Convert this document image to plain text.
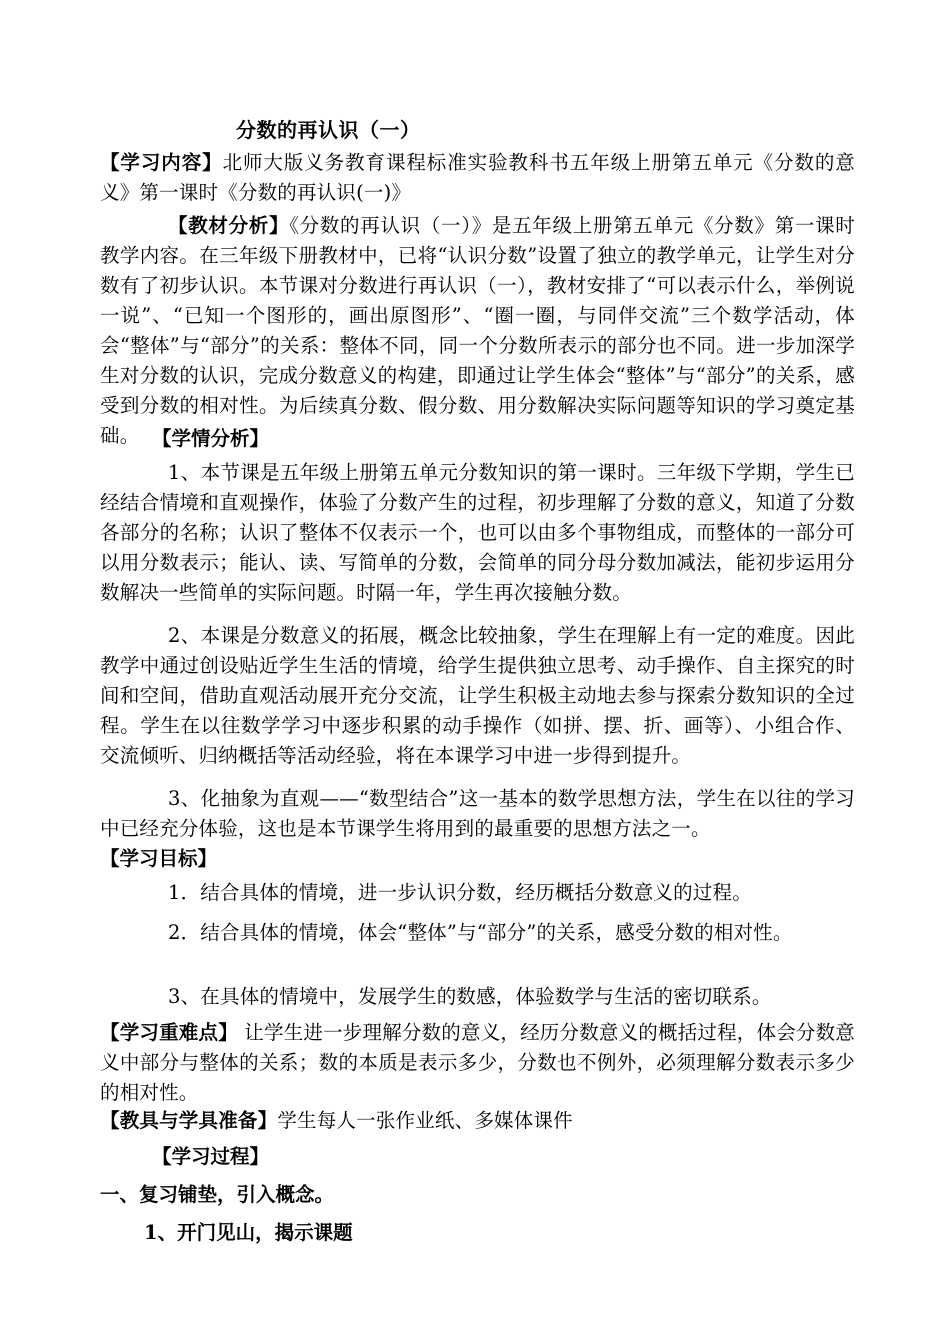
分数的再认识（一）
【学习内容】北师大版义务教育课程标准实验教科书五年级上册第五单元《分数的意义》第一课时《分数的再认识(一)》
【教材分析】《分数的再认识（一）》是五年级上册第五单元《分数》第一课时教学内容。在三年级下册教材中，已将“认识分数”设置了独立的教学单元，让学生对分数有了初步认识。本节课对分数进行再认识（一），教材安排了“可以表示什么，举例说一说”、“已知一个图形的，画出原图形”、“圈一圈，与同伴交流”三个数学活动，体会“整体”与“部分”的关系：整体不同，同一个分数所表示的部分也不同。进一步加深学生对分数的认识，完成分数意义的构建，即通过让学生体会“整体”与“部分”的关系，感受到分数的相对性。为后续真分数、假分数、用分数解决实际问题等知识的学习奠定基础。 【学情分析】
1、本节课是五年级上册第五单元分数知识的第一课时。三年级下学期，学生已经结合情境和直观操作，体验了分数产生的过程，初步理解了分数的意义，知道了分数各部分的名称；认识了整体不仅表示一个，也可以由多个事物组成，而整体的一部分可以用分数表示；能认、读、写简单的分数，会简单的同分母分数加减法，能初步运用分数解决一些简单的实际问题。时隔一年，学生再次接触分数。
2、本课是分数意义的拓展，概念比较抽象，学生在理解上有一定的难度。因此教学中通过创设贴近学生生活的情境，给学生提供独立思考、动手操作、自主探究的时间和空间，借助直观活动展开充分交流，让学生积极主动地去参与探索分数知识的全过程。学生在以往数学学习中逐步积累的动手操作（如拼、摆、折、画等）、小组合作、交流倾听、归纳概括等活动经验，将在本课学习中进一步得到提升。
3、化抽象为直观——“数型结合”这一基本的数学思想方法，学生在以往的学习中已经充分体验，这也是本节课学生将用到的最重要的思想方法之一。
【学习目标】
1．结合具体的情境，进一步认识分数，经历概括分数意义的过程。
2．结合具体的情境，体会“整体”与“部分”的关系，感受分数的相对性。
3、在具体的情境中，发展学生的数感，体验数学与生活的密切联系。
【学习重难点】 让学生进一步理解分数的意义，经历分数意义的概括过程，体会分数意义中部分与整体的关系；数的本质是表示多少，分数也不例外，必须理解分数表示多少的相对性。
【教具与学具准备】学生每人一张作业纸、多媒体课件
【学习过程】
一、复习铺垫，引入概念。
1、开门见山，揭示课题
